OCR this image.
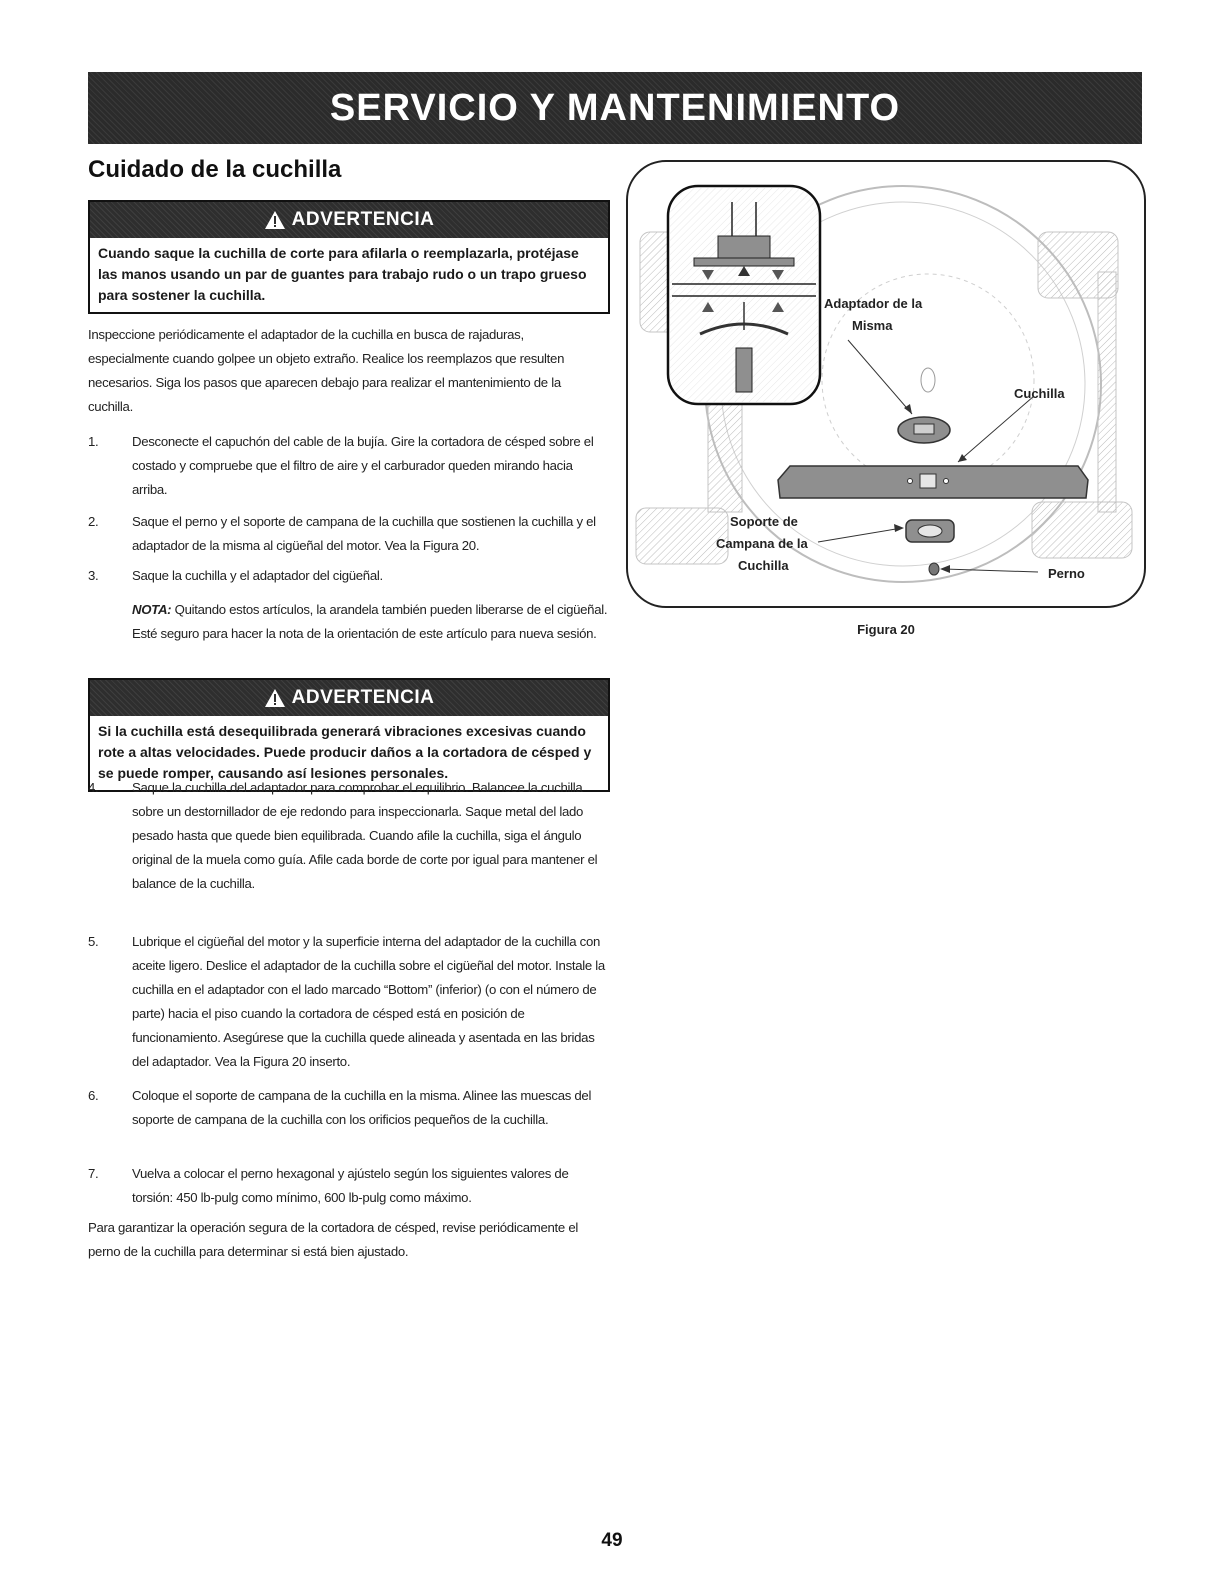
SERVICIO Y MANTENIMIENTO
Cuidado de la cuchilla
ADVERTENCIA
Cuando saque la cuchilla de corte para afilarla o reemplazarla, protéjase las manos usando un par de guantes para trabajo rudo o un trapo grueso para sostener la cuchilla.
Inspeccione periódicamente el adaptador de la cuchilla en busca de rajaduras, especialmente cuando golpee un objeto extraño. Realice los reemplazos que resulten necesarios. Siga los pasos que aparecen debajo para realizar el mantenimiento de la cuchilla.
1.	Desconecte el capuchón del cable de la bujía. Gire la cortadora de césped sobre el costado y compruebe que el filtro de aire y el carburador queden mirando hacia arriba.
2.	Saque el perno y el soporte de campana de la cuchilla que sostienen la cuchilla y el adaptador de la misma al cigüeñal del motor. Vea la Figura 20.
3.	Saque la cuchilla y el adaptador del cigüeñal.
NOTA: Quitando estos artículos, la arandela también pueden liberarse de el cigüeñal. Esté seguro para hacer la nota de la orientación de este artículo para nueva sesión.
ADVERTENCIA
Si la cuchilla está desequilibrada generará vibraciones excesivas cuando rote a altas velocidades. Puede producir daños a la cortadora de césped y se puede romper, causando así lesiones personales.
4.	Saque la cuchilla del adaptador para comprobar el equilibrio. Balancee la cuchilla sobre un destornillador de eje redondo para inspeccionarla. Saque metal del lado pesado hasta que quede bien equilibrada. Cuando afile la cuchilla, siga el ángulo original de la muela como guía. Afile cada borde de corte por igual para mantener el balance de la cuchilla.
5.	Lubrique el cigüeñal del motor y la superficie interna del adaptador de la cuchilla con aceite ligero. Deslice el adaptador de la cuchilla sobre el cigüeñal del motor. Instale la cuchilla en el adaptador con el lado marcado “Bottom” (inferior) (o con el número de parte) hacia el piso cuando la cortadora de césped está en posición de funcionamiento. Asegúrese que la cuchilla quede alineada y asentada en las bridas del adaptador. Vea la Figura 20 inserto.
6.	Coloque el soporte de campana de la cuchilla en la misma. Alinee las muescas del soporte de campana de la cuchilla con los orificios pequeños de la cuchilla.
7.	Vuelva a colocar el perno hexagonal y ajústelo según los siguientes valores de torsión: 450 lb-pulg como mínimo, 600 lb-pulg como máximo.
Para garantizar la operación segura de la cortadora de césped, revise periódicamente el perno de la cuchilla para determinar si está bien ajustado.
Adaptador de la
Misma
Cuchilla
Soporte de
Campana de la
Cuchilla
Perno
Figura 20
49
